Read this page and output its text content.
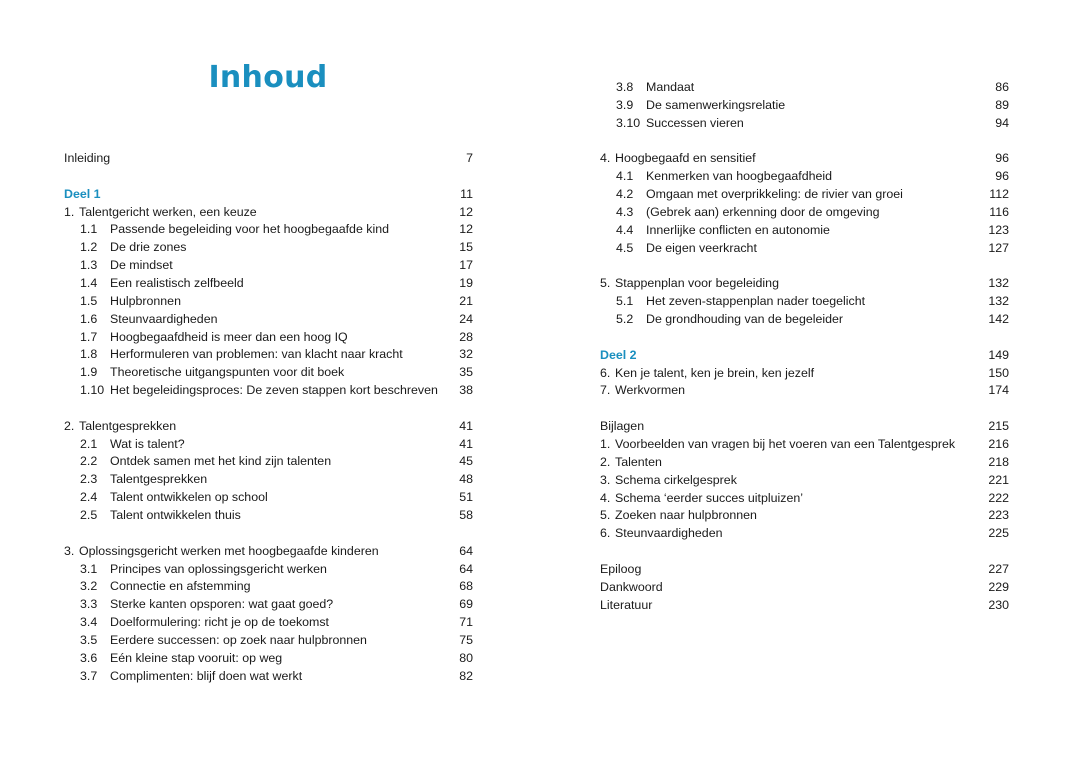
Inhoud
Inleiding	7
Deel 1	11
1. Talentgericht werken, een keuze	12
1.1 Passende begeleiding voor het hoogbegaafde kind	12
1.2 De drie zones	15
1.3 De mindset	17
1.4 Een realistisch zelfbeeld	19
1.5 Hulpbronnen	21
1.6 Steunvaardigheden	24
1.7 Hoogbegaafdheid is meer dan een hoog IQ	28
1.8 Herformuleren van problemen: van klacht naar kracht	32
1.9 Theoretische uitgangspunten voor dit boek	35
1.10 Het begeleidingsproces: De zeven stappen kort beschreven 38
2. Talentgesprekken	41
2.1 Wat is talent?	41
2.2 Ontdek samen met het kind zijn talenten	45
2.3 Talentgesprekken	48
2.4 Talent ontwikkelen op school	51
2.5 Talent ontwikkelen thuis	58
3. Oplossingsgericht werken met hoogbegaafde kinderen	64
3.1 Principes van oplossingsgericht werken	64
3.2 Connectie en afstemming	68
3.3 Sterke kanten opsporen: wat gaat goed?	69
3.4 Doelformulering: richt je op de toekomst	71
3.5 Eerdere successen: op zoek naar hulpbronnen	75
3.6 Eén kleine stap vooruit: op weg	80
3.7 Complimenten: blijf doen wat werkt	82
3.8 Mandaat	86
3.9 De samenwerkingsrelatie	89
3.10 Successen vieren	94
4. Hoogbegaafd en sensitief	96
4.1 Kenmerken van hoogbegaafdheid	96
4.2 Omgaan met overprikkeling: de rivier van groei	112
4.3 (Gebrek aan) erkenning door de omgeving	116
4.4 Innerlijke conflicten en autonomie	123
4.5 De eigen veerkracht	127
5. Stappenplan voor begeleiding	132
5.1 Het zeven-stappenplan nader toegelicht	132
5.2 De grondhouding van de begeleider	142
Deel 2	149
6. Ken je talent, ken je brein, ken jezelf	150
7. Werkvormen	174
Bijlagen	215
1. Voorbeelden van vragen bij het voeren van een Talentgesprek	216
2. Talenten	218
3. Schema cirkelgesprek	221
4. Schema ‘eerder succes uitpluizen’	222
5. Zoeken naar hulpbronnen	223
6. Steunvaardigheden	225
Epiloog	227
Dankwoord	229
Literatuur	230
